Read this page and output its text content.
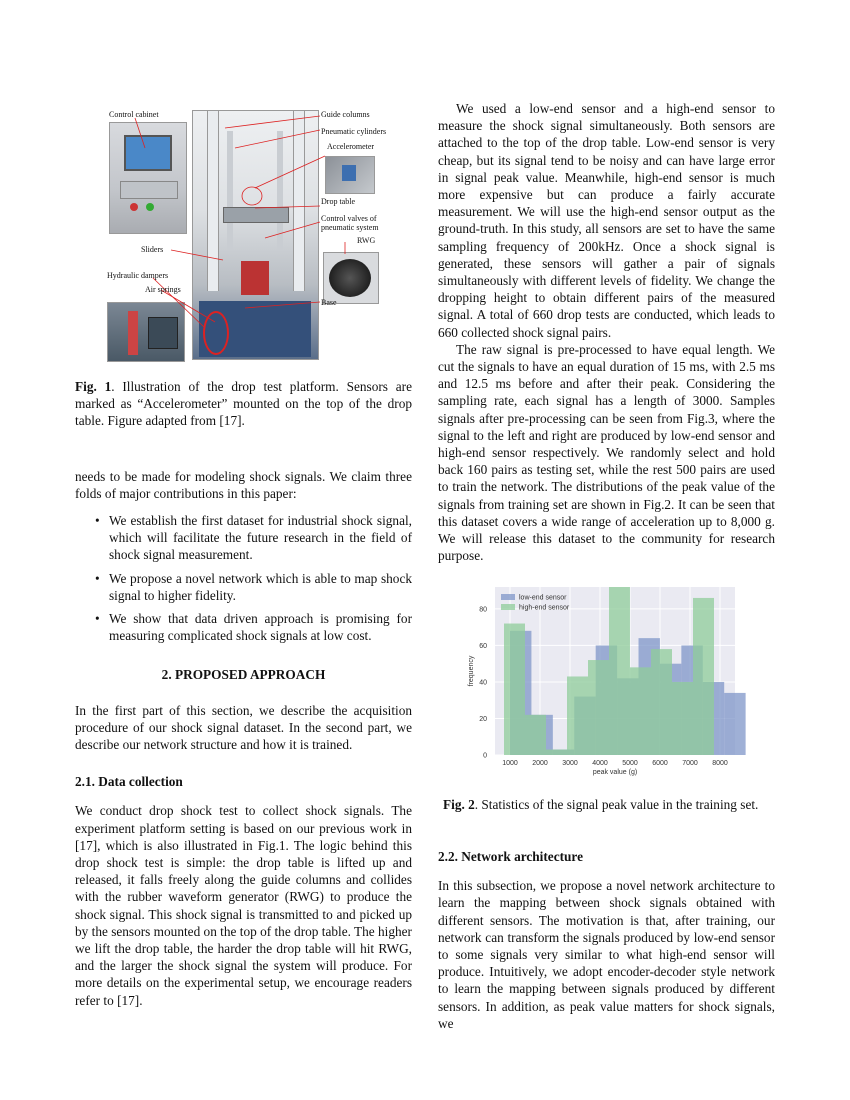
Control cabinet	Guide columns
Pneumatic cylinders
Accelerometer
Drop table
Control valves of
pneumatic system
RWG
Sliders
Hydraulic dampers
Air springs
Base

Fig. 1. Illustration of the drop test platform. Sensors are marked as “Accelerometer” mounted on the top of the drop table. Figure adapted from [17].

needs to be made for modeling shock signals. We claim three folds of major contributions in this paper:

• We establish the first dataset for industrial shock signal, which will facilitate the future research in the field of shock signal measurement.
• We propose a novel network which is able to map shock signal to higher fidelity.
• We show that data driven approach is promising for measuring complicated shock signals at low cost.

2. PROPOSED APPROACH

In the first part of this section, we describe the acquisition procedure of our shock signal dataset. In the second part, we describe our network structure and how it is trained.

2.1. Data collection

We conduct drop shock test to collect shock signals. The experiment platform setting is based on our previous work in [17], which is also illustrated in Fig.1. The logic behind this drop shock test is simple: the drop table is lifted up and released, it falls freely along the guide columns and collides with the rubber waveform generator (RWG) to produce the shock signal. This shock signal is transmitted to and picked up by the sensors mounted on the top of the drop table. The higher we lift the drop table, the harder the drop table will hit RWG, and the larger the shock signal the system will produce. For more details on the experimental setup, we encourage readers refer to [17].

We used a low-end sensor and a high-end sensor to measure the shock signal simultaneously. Both sensors are attached to the top of the drop table. Low-end sensor is very cheap, but its signal tend to be noisy and can have large error in signal peak value. Meanwhile, high-end sensor is much more expensive but can produce a fairly accurate measurement. We will use the high-end sensor output as the ground-truth. In this study, all sensors are set to have the same sampling frequency of 200kHz. Once a shock signal is generated, these sensors will gather a pair of signals simultaneously with different levels of fidelity. We change the dropping height to obtain different pairs of the measured signal. A total of 660 drop tests are conducted, which leads to 660 collected shock signal pairs.

The raw signal is pre-processed to have equal length. We cut the signals to have an equal duration of 15 ms, with 2.5 ms and 12.5 ms before and after their peak. Considering the sampling rate, each signal has a length of 3000. Samples signals after pre-processing can be seen from Fig.3, where the signal to the left and right are produced by low-end sensor and high-end sensor respectively. We randomly select and hold back 160 pairs as testing set, while the rest 500 pairs are used to train the network. The distributions of the peak value of the signals from training set are shown in Fig.2. It can be seen that this dataset covers a wide range of acceleration up to 8,000 g. We will release this dataset to the community for research purpose.

1000 2000 3000 4000 5000 6000 7000 8000
0
20
40
60
80
peak value (g)
frequency
low-end sensor
high-end sensor
Fig. 2. Statistics of the signal peak value in the training set.

2.2. Network architecture

In this subsection, we propose a novel network architecture to learn the mapping between shock signals obtained with different sensors. The motivation is that, after training, our network can transform the signals produced by low-end sensor to some signals very similar to what high-end sensor will produce. Intuitively, we adopt encoder-decoder style network to learn the mapping between signals produced by different sensors. In addition, as peak value matters for shock signals, we
